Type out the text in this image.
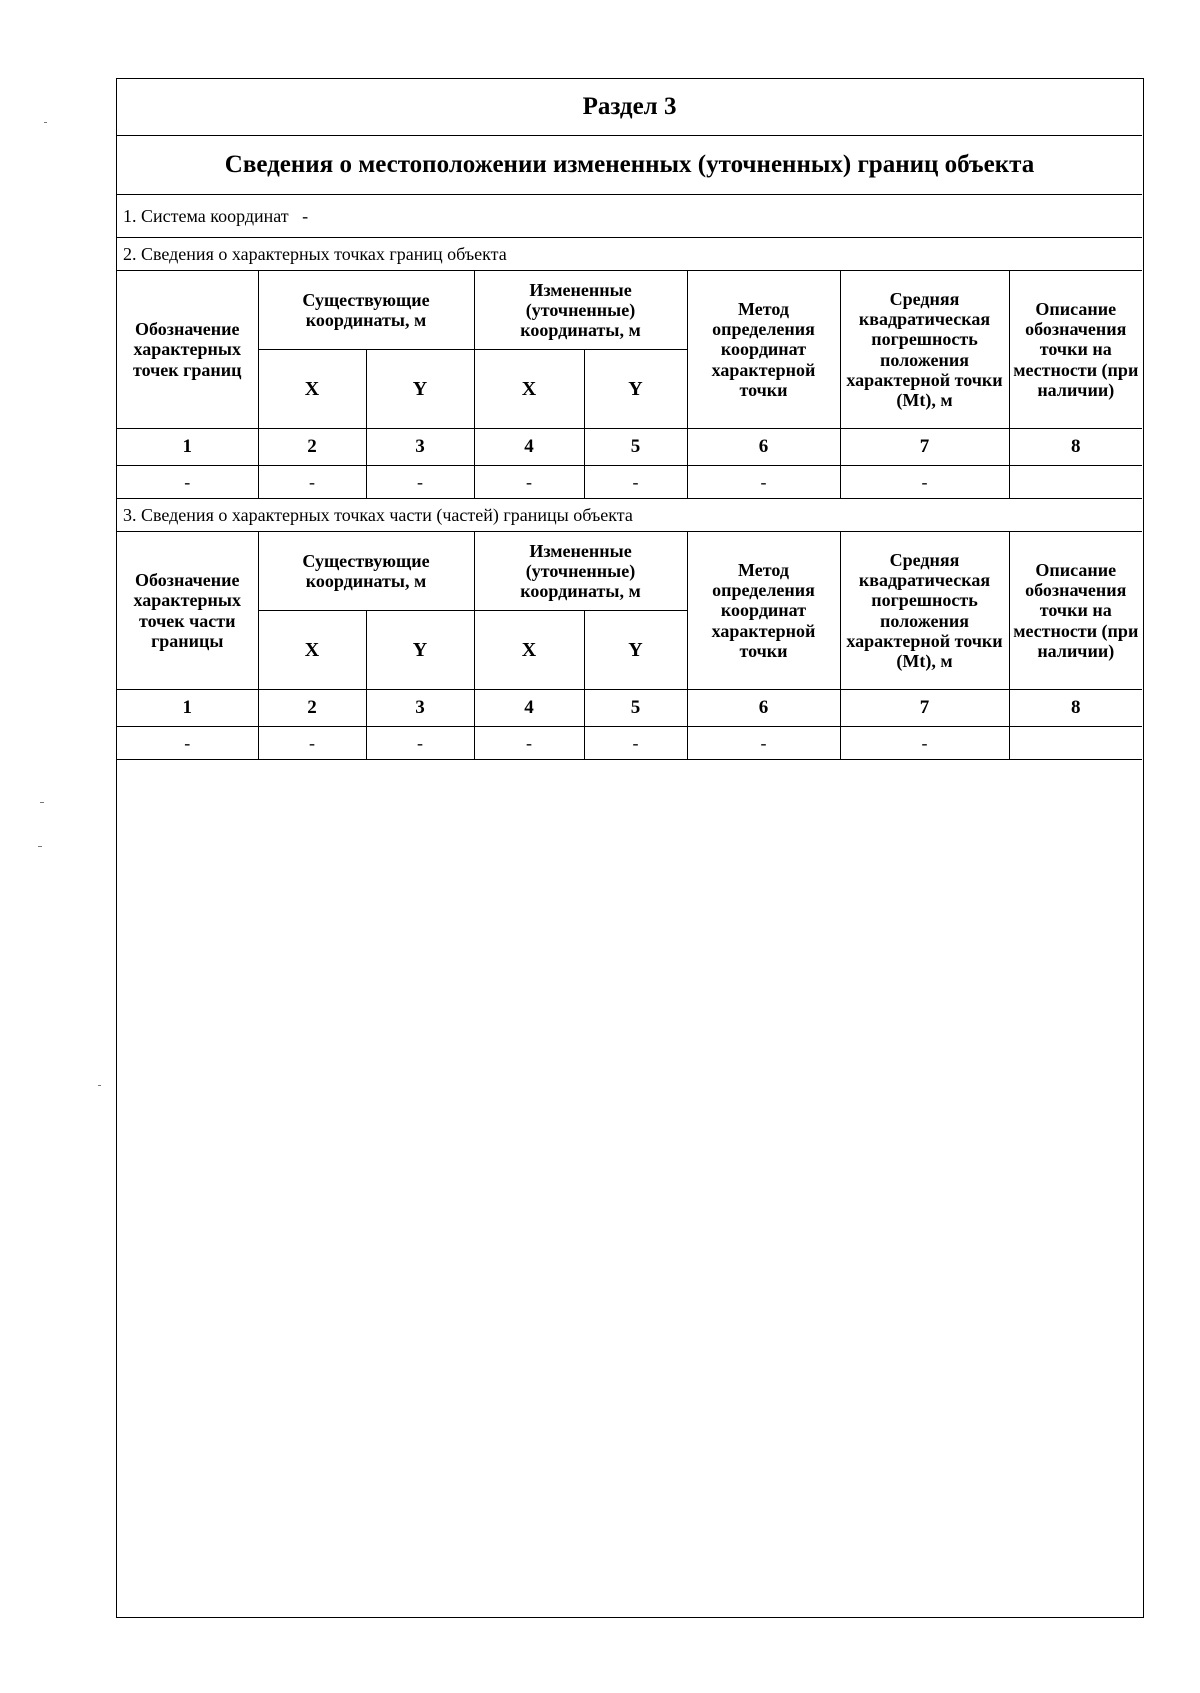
Раздел 3							
Сведения о местоположении измененных (уточненных) границ объекта							
1. Система координат -							
2. Сведения о характерных точках границ объекта							
Обозначение характерных точек границ	Существующие координаты, м		Измененные (уточненные) координаты, м		Метод определения координат характерной точки	Средняя квадратическая погрешность положения характерной точки (Mt), м	Описание обозначения точки на местности (при наличии)
	X	Y	X	Y			
1	2	3	4	5	6	7	8
-	-	-	-	-	-	-	
3. Сведения о характерных точках части (частей) границы объекта							
Обозначение характерных точек части границы	Существующие координаты, м		Измененные (уточненные) координаты, м		Метод определения координат характерной точки	Средняя квадратическая погрешность положения характерной точки (Mt), м	Описание обозначения точки на местности (при наличии)
	X	Y	X	Y			
1	2	3	4	5	6	7	8
-	-	-	-	-	-	-	
